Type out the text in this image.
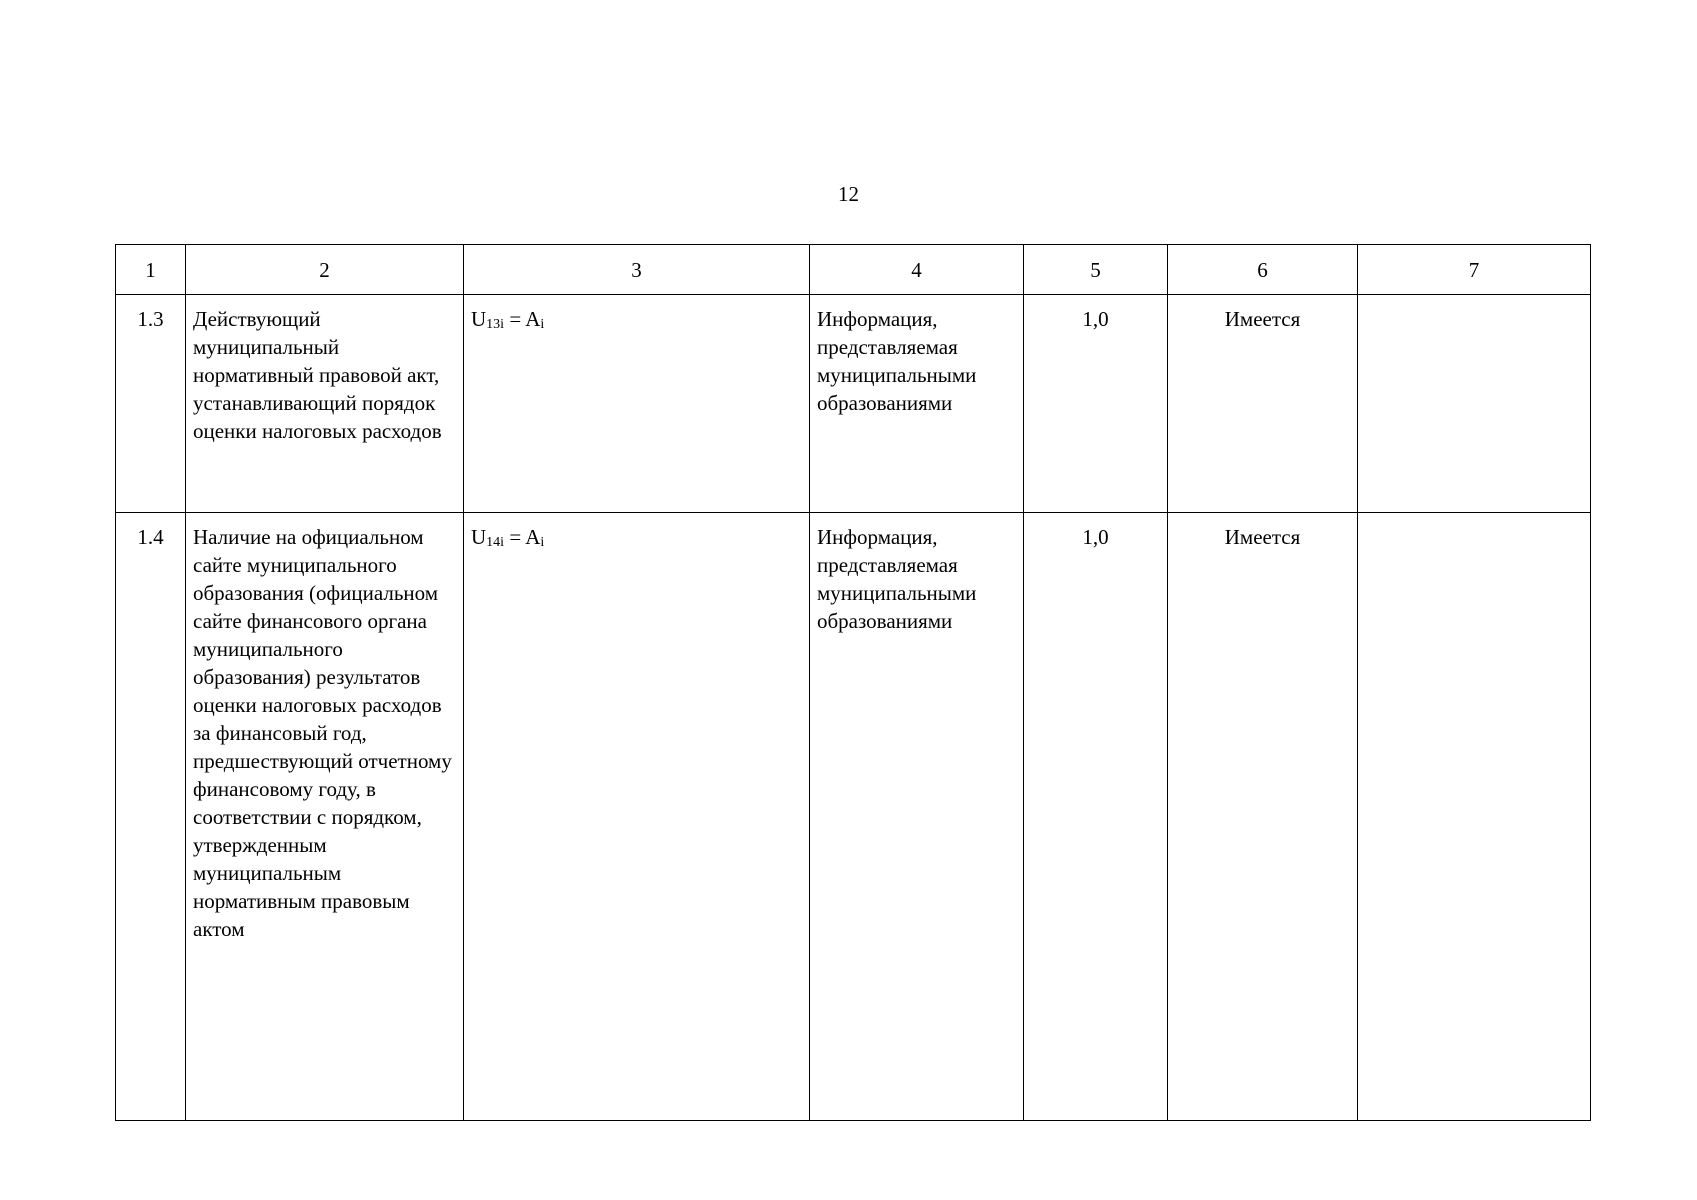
12
1	2	3	4	5	6	7
1.3	Действующий муниципальный нормативный правовой акт, устанавливающий порядок оценки налоговых расходов	$U_{13i} = A_i$	Информация, представляемая муниципальными образованиями	1,0	Имеется	
1.4	Наличие на официальном сайте муниципального образования (официальном сайте финансового органа муниципального образования) результатов оценки налоговых расходов за финансовый год, предшествующий отчетному финансовому году, в соответствии с порядком, утвержденным муниципальным нормативным правовым актом	$U_{14i} = A_i$	Информация, представляемая муниципальными образованиями	1,0	Имеется	
